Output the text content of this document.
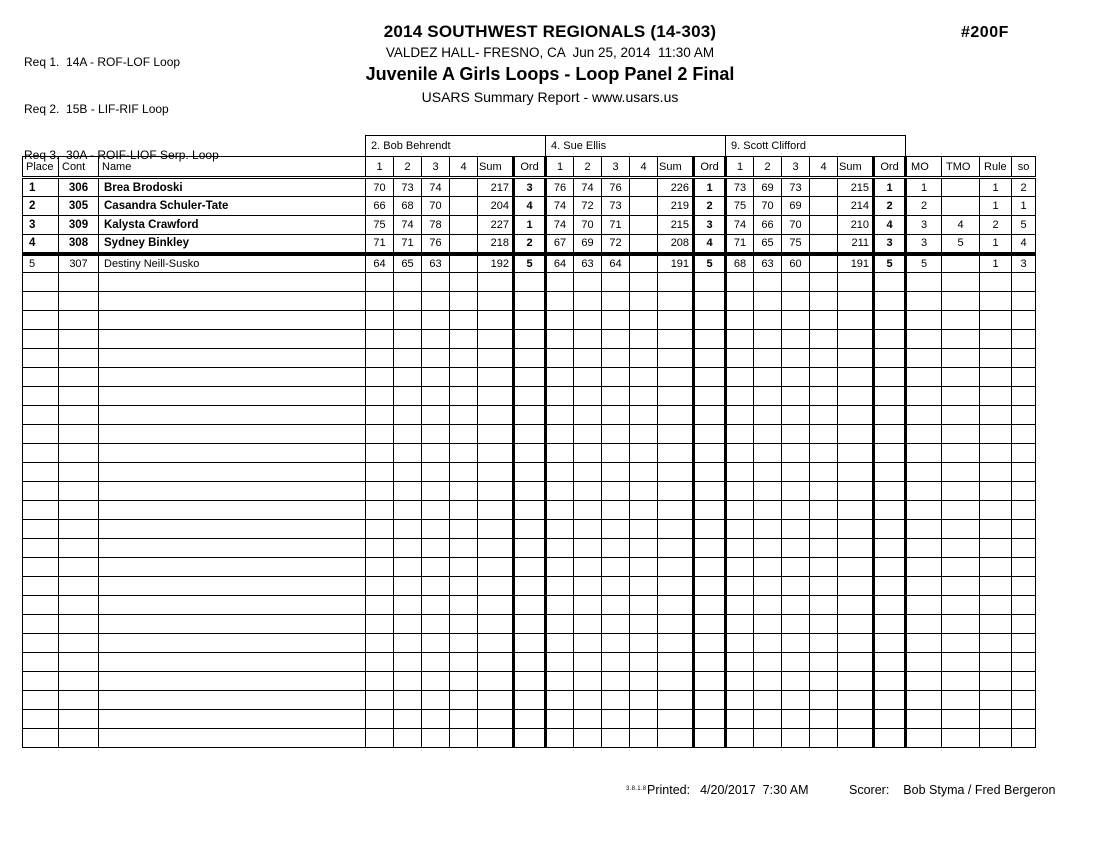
Req 1.  14A - ROF-LOF Loop

Req 2.  15B - LIF-RIF Loop

Req 3.  30A - ROIF-LIOF Serp. Loop

2014 SOUTHWEST REGIONALS (14-303)
VALDEZ HALL- FRESNO, CA  Jun 25, 2014  11:30 AM
Juvenile A Girls Loops - Loop Panel 2 Final
USARS Summary Report - www.usars.us
#200F
			2. Bob Behrendt						4. Sue Ellis						9. Scott Clifford									
Place	Cont	Name	1	2	3	4	Sum	Ord	1	2	3	4	Sum	Ord	1	2	3	4	Sum	Ord	MO	TMO	Rule	so
1	306	Brea Brodoski	70	73	74		217	3	76	74	76		226	1	73	69	73		215	1	1		1	2
2	305	Casandra Schuler-Tate	66	68	70		204	4	74	72	73		219	2	75	70	69		214	2	2		1	1
3	309	Kalysta Crawford	75	74	78		227	1	74	70	71		215	3	74	66	70		210	4	3	4	2	5
4	308	Sydney Binkley	71	71	76		218	2	67	69	72		208	4	71	65	75		211	3	3	5	1	4
5	307	Destiny Neill-Susko	64	65	63		192	5	64	63	64		191	5	68	63	60		191	5	5		1	3

3.8.1.8 Printed: 4/20/2017  7:30 AM	Scorer: Bob Styma / Fred Bergeron
